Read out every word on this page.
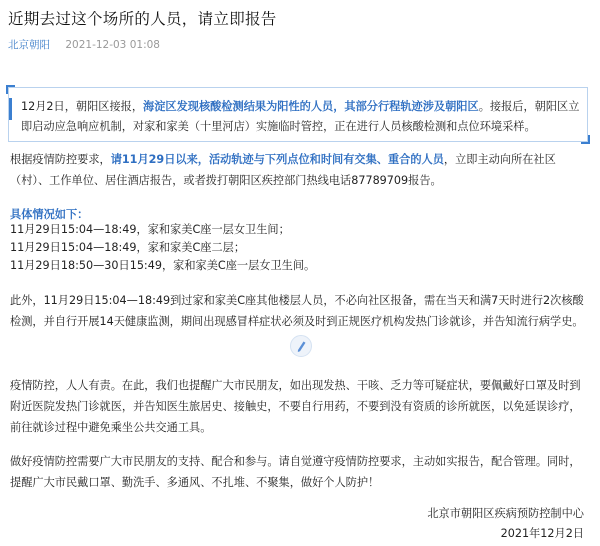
近期去过这个场所的人员，请立即报告
北京朝阳 2021-12-03 01:08

12月2日，朝阳区接报，海淀区发现核酸检测结果为阳性的人员，其部分行程轨迹涉及朝阳区。接报后，朝阳区立即启动应急响应机制，对家和家美（十里河店）实施临时管控，正在进行人员核酸检测和点位环境采样。

根据疫情防控要求，请11月29日以来，活动轨迹与下列点位和时间有交集、重合的人员，立即主动向所在社区（村）、工作单位、居住酒店报告，或者拨打朝阳区疾控部门热线电话87789709报告。

具体情况如下：

11月29日15:04—18:49，家和家美C座一层女卫生间；

11月29日15:04—18:49，家和家美C座二层；

11月29日18:50—30日15:49，家和家美C座一层女卫生间。

此外，11月29日15:04—18:49到过家和家美C座其他楼层人员，不必向社区报备，需在当天和满7天时进行2次核酸检测，并自行开展14天健康监测，期间出现感冒样症状必须及时到正规医疗机构发热门诊就诊，并告知流行病学史。

疫情防控，人人有责。在此，我们也提醒广大市民朋友，如出现发热、干咳、乏力等可疑症状，要佩戴好口罩及时到附近医院发热门诊就医，并告知医生旅居史、接触史，不要自行用药，不要到没有资质的诊所就医，以免延误诊疗，前往就诊过程中避免乘坐公共交通工具。

做好疫情防控需要广大市民朋友的支持、配合和参与。请自觉遵守疫情防控要求，主动如实报告，配合管理。同时，提醒广大市民戴口罩、勤洗手、多通风、不扎堆、不聚集，做好个人防护！

北京市朝阳区疾病预防控制中心

2021年12月2日
